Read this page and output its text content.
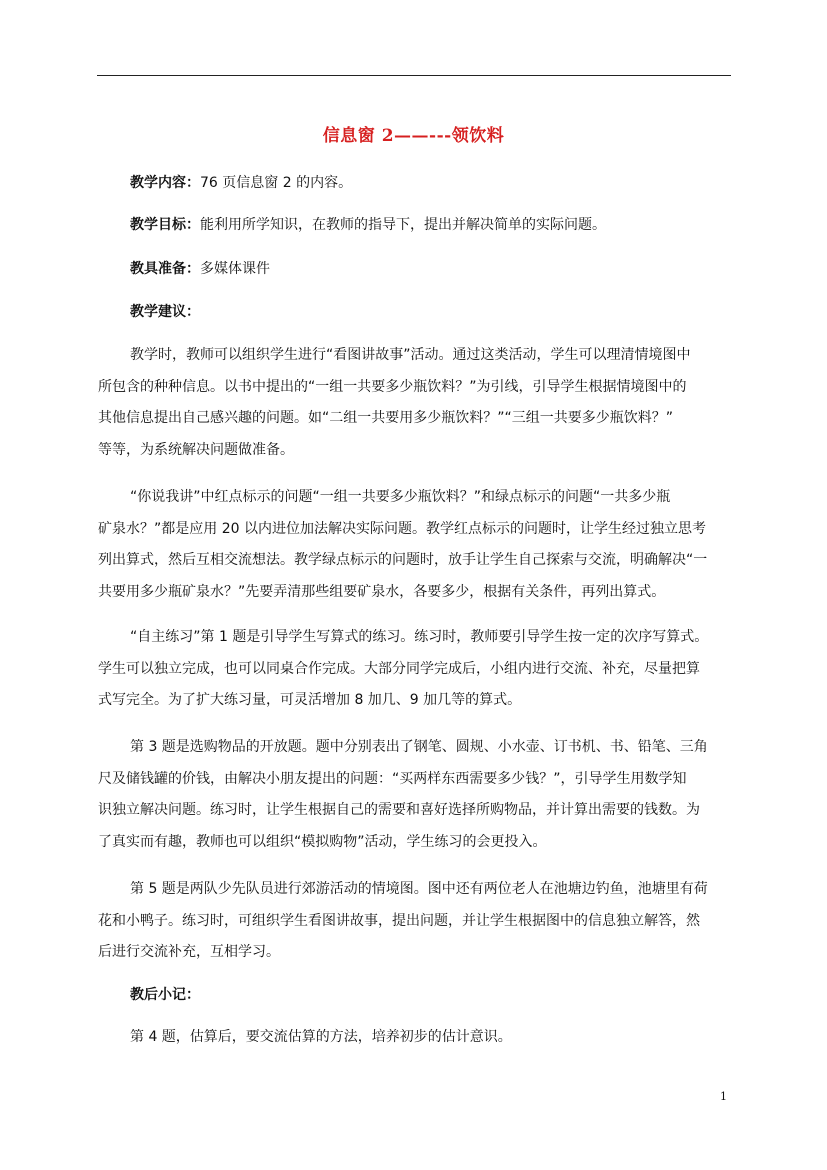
信息窗 2——---领饮料
教学内容：76 页信息窗 2 的内容。
教学目标：能利用所学知识，在教师的指导下，提出并解决简单的实际问题。
教具准备：多媒体课件
教学建议：
教学时，教师可以组织学生进行“看图讲故事”活动。通过这类活动，学生可以理清情境图中
所包含的种种信息。以书中提出的“一组一共要多少瓶饮料？”为引线，引导学生根据情境图中的
其他信息提出自己感兴趣的问题。如“二组一共要用多少瓶饮料？”“三组一共要多少瓶饮料？”
等等，为系统解决问题做准备。
“你说我讲”中红点标示的问题“一组一共要多少瓶饮料？”和绿点标示的问题“一共多少瓶
矿泉水？”都是应用 20 以内进位加法解决实际问题。教学红点标示的问题时，让学生经过独立思考
列出算式，然后互相交流想法。教学绿点标示的问题时，放手让学生自己探索与交流，明确解决“一
共要用多少瓶矿泉水？”先要弄清那些组要矿泉水，各要多少，根据有关条件，再列出算式。
“自主练习”第 1 题是引导学生写算式的练习。练习时，教师要引导学生按一定的次序写算式。
学生可以独立完成，也可以同桌合作完成。大部分同学完成后，小组内进行交流、补充，尽量把算
式写完全。为了扩大练习量，可灵活增加 8 加几、9 加几等的算式。
第 3 题是选购物品的开放题。题中分别表出了钢笔、圆规、小水壶、订书机、书、铅笔、三角
尺及储钱罐的价钱，由解决小朋友提出的问题：“买两样东西需要多少钱？”，引导学生用数学知
识独立解决问题。练习时，让学生根据自己的需要和喜好选择所购物品，并计算出需要的钱数。为
了真实而有趣，教师也可以组织“模拟购物”活动，学生练习的会更投入。
第 5 题是两队少先队员进行郊游活动的情境图。图中还有两位老人在池塘边钓鱼，池塘里有荷
花和小鸭子。练习时，可组织学生看图讲故事，提出问题，并让学生根据图中的信息独立解答，然
后进行交流补充，互相学习。
教后小记：
第 4 题，估算后，要交流估算的方法，培养初步的估计意识。
1
